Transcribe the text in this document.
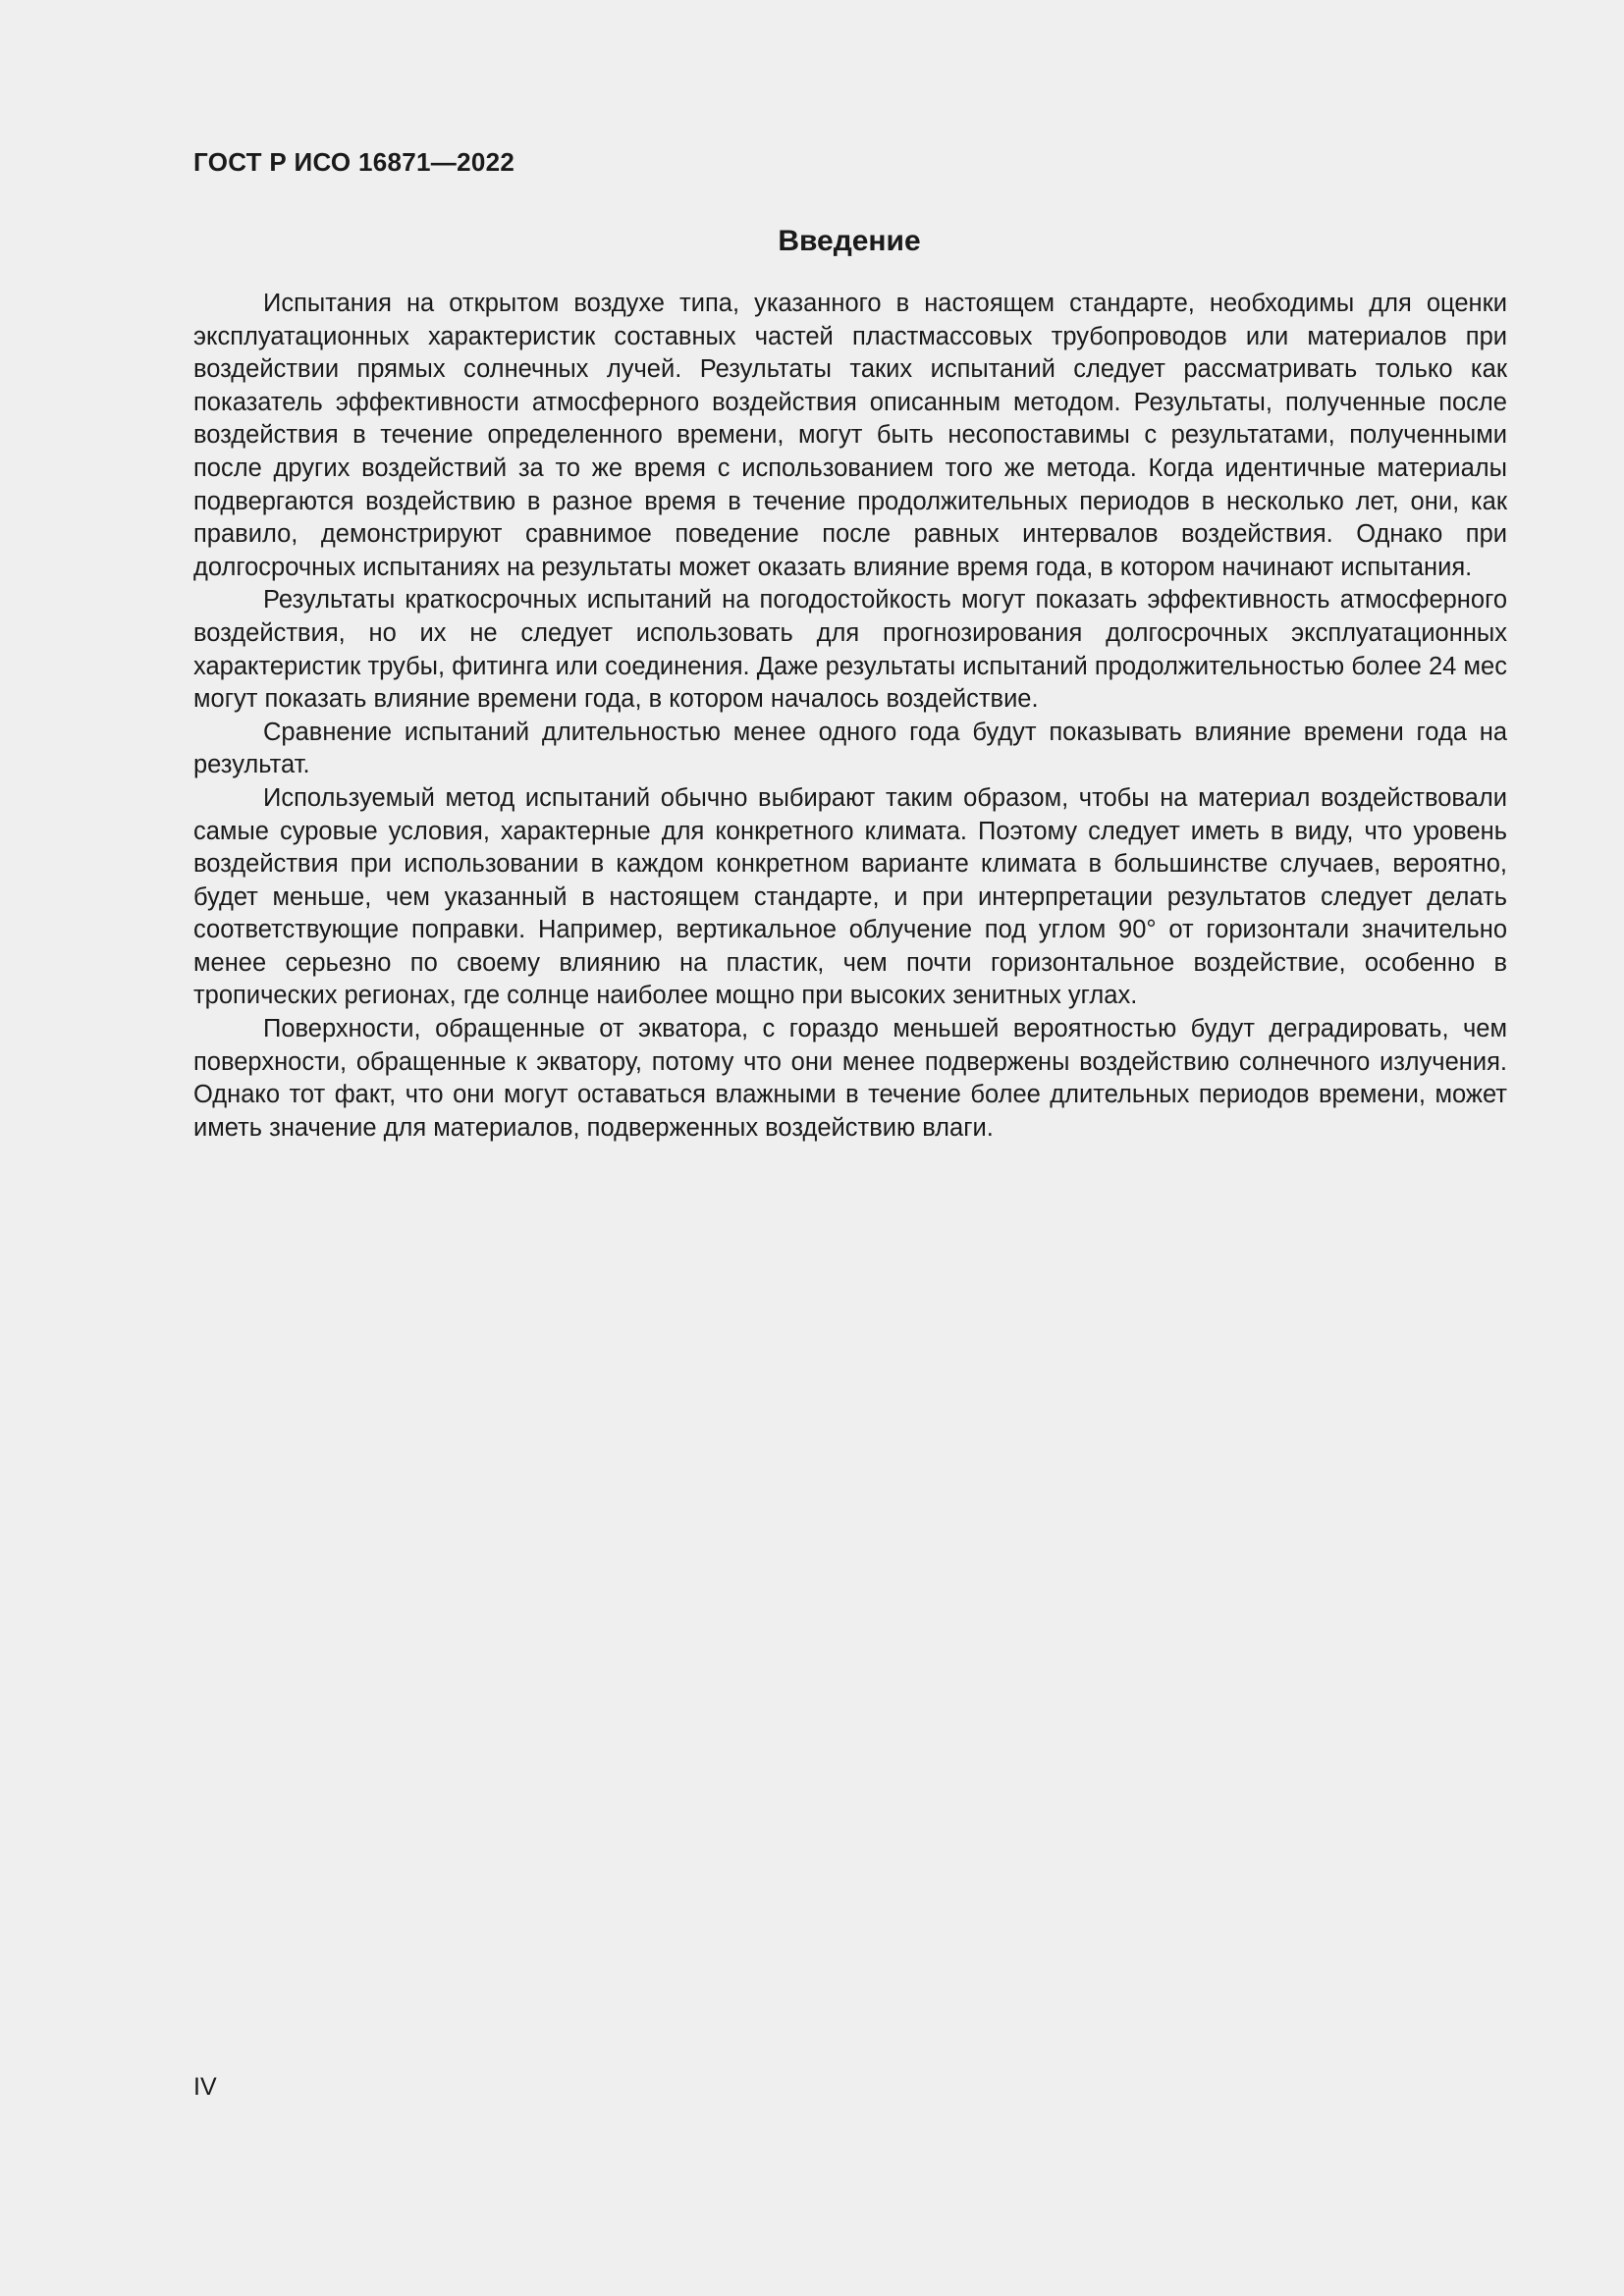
ГОСТ Р ИСО 16871—2022
Введение

Испытания на открытом воздухе типа, указанного в настоящем стандарте, необходимы для оценки эксплуатационных характеристик составных частей пластмассовых трубопроводов или материалов при воздействии прямых солнечных лучей. Результаты таких испытаний следует рассматривать только как показатель эффективности атмосферного воздействия описанным методом. Результаты, полученные после воздействия в течение определенного времени, могут быть несопоставимы с результатами, полученными после других воздействий за то же время с использованием того же метода. Когда идентичные материалы подвергаются воздействию в разное время в течение продолжительных периодов в несколько лет, они, как правило, демонстрируют сравнимое поведение после равных интервалов воздействия. Однако при долгосрочных испытаниях на результаты может оказать влияние время года, в котором начинают испытания.

Результаты краткосрочных испытаний на погодостойкость могут показать эффективность атмосферного воздействия, но их не следует использовать для прогнозирования долгосрочных эксплуатационных характеристик трубы, фитинга или соединения. Даже результаты испытаний продолжительностью более 24 мес могут показать влияние времени года, в котором началось воздействие.

Сравнение испытаний длительностью менее одного года будут показывать влияние времени года на результат.

Используемый метод испытаний обычно выбирают таким образом, чтобы на материал воздействовали самые суровые условия, характерные для конкретного климата. Поэтому следует иметь в виду, что уровень воздействия при использовании в каждом конкретном варианте климата в большинстве случаев, вероятно, будет меньше, чем указанный в настоящем стандарте, и при интерпретации результатов следует делать соответствующие поправки. Например, вертикальное облучение под углом 90° от горизонтали значительно менее серьезно по своему влиянию на пластик, чем почти горизонтальное воздействие, особенно в тропических регионах, где солнце наиболее мощно при высоких зенитных углах.

Поверхности, обращенные от экватора, с гораздо меньшей вероятностью будут деградировать, чем поверхности, обращенные к экватору, потому что они менее подвержены воздействию солнечного излучения. Однако тот факт, что они могут оставаться влажными в течение более длительных периодов времени, может иметь значение для материалов, подверженных воздействию влаги.

IV
